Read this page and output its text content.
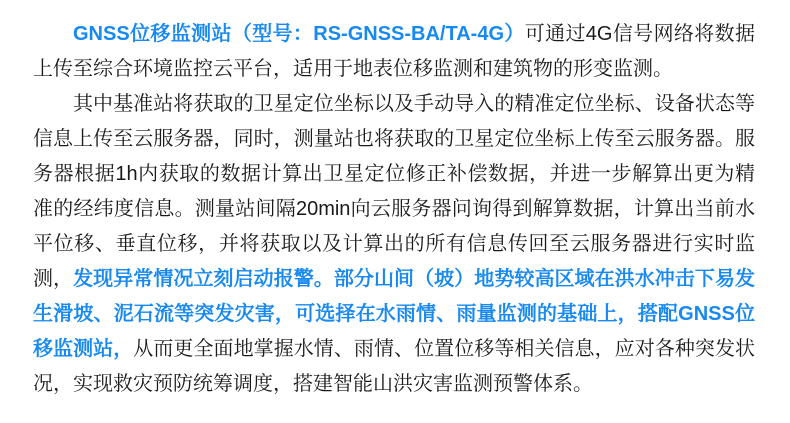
GNSS位移监测站（型号：RS-GNSS-BA/TA-4G）可通过4G信号网络将数据上传至综合环境监控云平台，适用于地表位移监测和建筑物的形变监测。

其中基准站将获取的卫星定位坐标以及手动导入的精准定位坐标、设备状态等信息上传至云服务器，同时，测量站也将获取的卫星定位坐标上传至云服务器。服务器根据1h内获取的数据计算出卫星定位修正补偿数据，并进一步解算出更为精准的经纬度信息。测量站间隔20min向云服务器问询得到解算数据，计算出当前水平位移、垂直位移，并将获取以及计算出的所有信息传回至云服务器进行实时监测，发现异常情况立刻启动报警。部分山间（坡）地势较高区域在洪水冲击下易发生滑坡、泥石流等突发灾害，可选择在水雨情、雨量监测的基础上，搭配GNSS位移监测站，从而更全面地掌握水情、雨情、位置位移等相关信息，应对各种突发状况，实现救灾预防统筹调度，搭建智能山洪灾害监测预警体系。
